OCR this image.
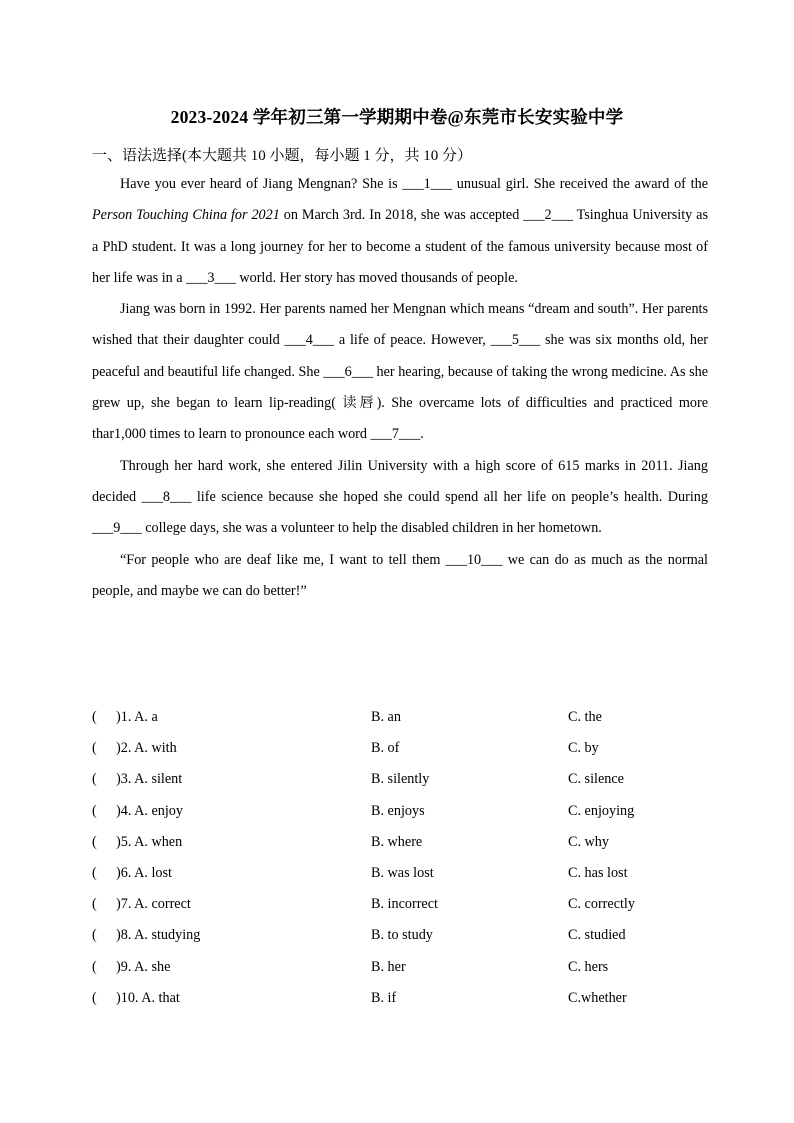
2023-2024 学年初三第一学期期中卷@东莞市长安实验中学
一、语法选择(本大题共 10 小题，每小题 1 分，共 10 分）

Have you ever heard of Jiang Mengnan? She is ___1___ unusual girl. She received the award of the Person Touching China for 2021 on March 3rd. In 2018, she was accepted ___2___ Tsinghua University as a PhD student. It was a long journey for her to become a student of the famous university because most of her life was in a ___3___ world. Her story has moved thousands of people.

Jiang was born in 1992. Her parents named her Mengnan which means “dream and south”. Her parents wished that their daughter could ___4___ a life of peace. However, ___5___ she was six months old, her peaceful and beautiful life changed. She ___6___ her hearing, because of taking the wrong medicine. As she grew up, she began to learn lip-reading( 读唇). She overcame lots of difficulties and practiced more thar1,000 times to learn to pronounce each word ___7___.

Through her hard work, she entered Jilin University with a high score of 615 marks in 2011. Jiang decided ___8___ life science because she hoped she could spend all her life on people’s health. During ___9___ college days, she was a volunteer to help the disabled children in her hometown.

“For people who are deaf like me, I want to tell them ___10___ we can do as much as the normal people, and maybe we can do better!”

( )1. A. a	B. an	C. the
( )2. A. with	B. of	C. by
( )3. A. silent	B. silently	C. silence
( )4. A. enjoy	B. enjoys	C. enjoying
( )5. A. when	B. where	C. why
( )6. A. lost	B. was lost	C. has lost
( )7. A. correct	B. incorrect	C. correctly
( )8. A. studying	B. to study	C. studied
( )9. A. she	B. her	C. hers
( )10. A. that	B. if	C.whether
